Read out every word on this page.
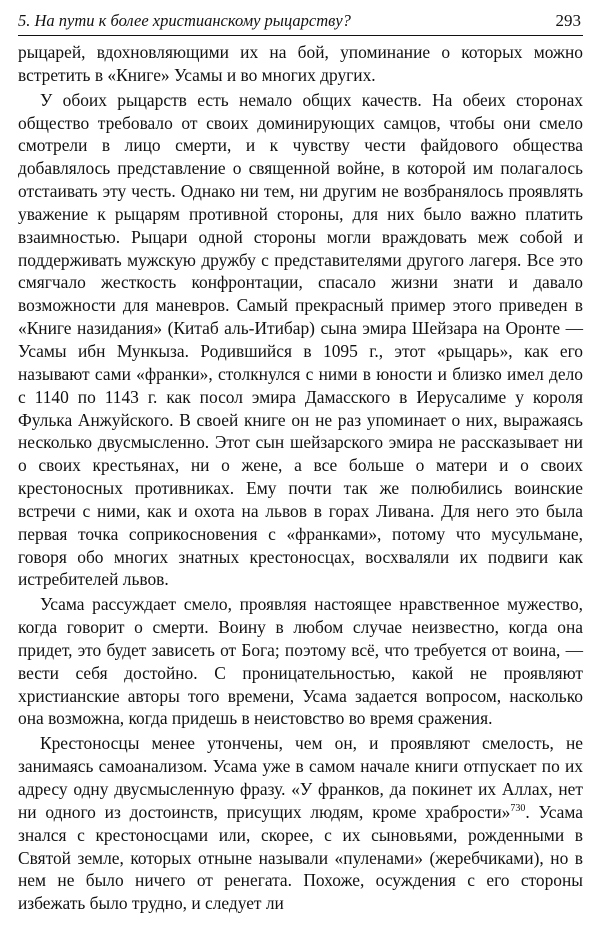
5. На пути к более христианскому рыцарству?	293

рыцарей, вдохновляющими их на бой, упоминание о которых можно встретить в «Книге» Усамы и во многих других.

У обоих рыцарств есть немало общих качеств. На обеих сторонах общество требовало от своих доминирующих самцов, чтобы они смело смотрели в лицо смерти, и к чувству чести файдового общества добавлялось представление о священной войне, в которой им полагалось отстаивать эту честь. Однако ни тем, ни другим не возбранялось проявлять уважение к рыцарям противной стороны, для них было важно платить взаимностью. Рыцари одной стороны могли враждовать меж собой и поддерживать мужскую дружбу с представителями другого лагеря. Все это смягчало жесткость конфронтации, спасало жизни знати и давало возможности для маневров. Самый прекрасный пример этого приведен в «Книге назидания» (Китаб аль-Итибар) сына эмира Шейзара на Оронте — Усамы ибн Мункыза. Родившийся в 1095 г., этот «рыцарь», как его называют сами «франки», столкнулся с ними в юности и близко имел дело с 1140 по 1143 г. как посол эмира Дамасского в Иерусалиме у короля Фулька Анжуйского. В своей книге он не раз упоминает о них, выражаясь несколько двусмысленно. Этот сын шейзарского эмира не рассказывает ни о своих крестьянах, ни о жене, а все больше о матери и о своих крестоносных противниках. Ему почти так же полюбились воинские встречи с ними, как и охота на львов в горах Ливана. Для него это была первая точка соприкосновения с «франками», потому что мусульмане, говоря обо многих знатных крестоносцах, восхваляли их подвиги как истребителей львов.

Усама рассуждает смело, проявляя настоящее нравственное мужество, когда говорит о смерти. Воину в любом случае неизвестно, когда она придет, это будет зависеть от Бога; поэтому всё, что требуется от воина, — вести себя достойно. С проницательностью, какой не проявляют христианские авторы того времени, Усама задается вопросом, насколько она возможна, когда придешь в неистовство во время сражения.

Крестоносцы менее утончены, чем он, и проявляют смелость, не занимаясь самоанализом. Усама уже в самом начале книги отпускает по их адресу одну двусмысленную фразу. «У франков, да покинет их Аллах, нет ни одного из достоинств, присущих людям, кроме храбрости»$^{730}$. Усама знался с крестоносцами или, скорее, с их сыновьями, рожденными в Святой земле, которых отныне называли «пуленами» (жеребчиками), но в нем не было ничего от ренегата. Похоже, осуждения с его стороны избежать было трудно, и следует ли
